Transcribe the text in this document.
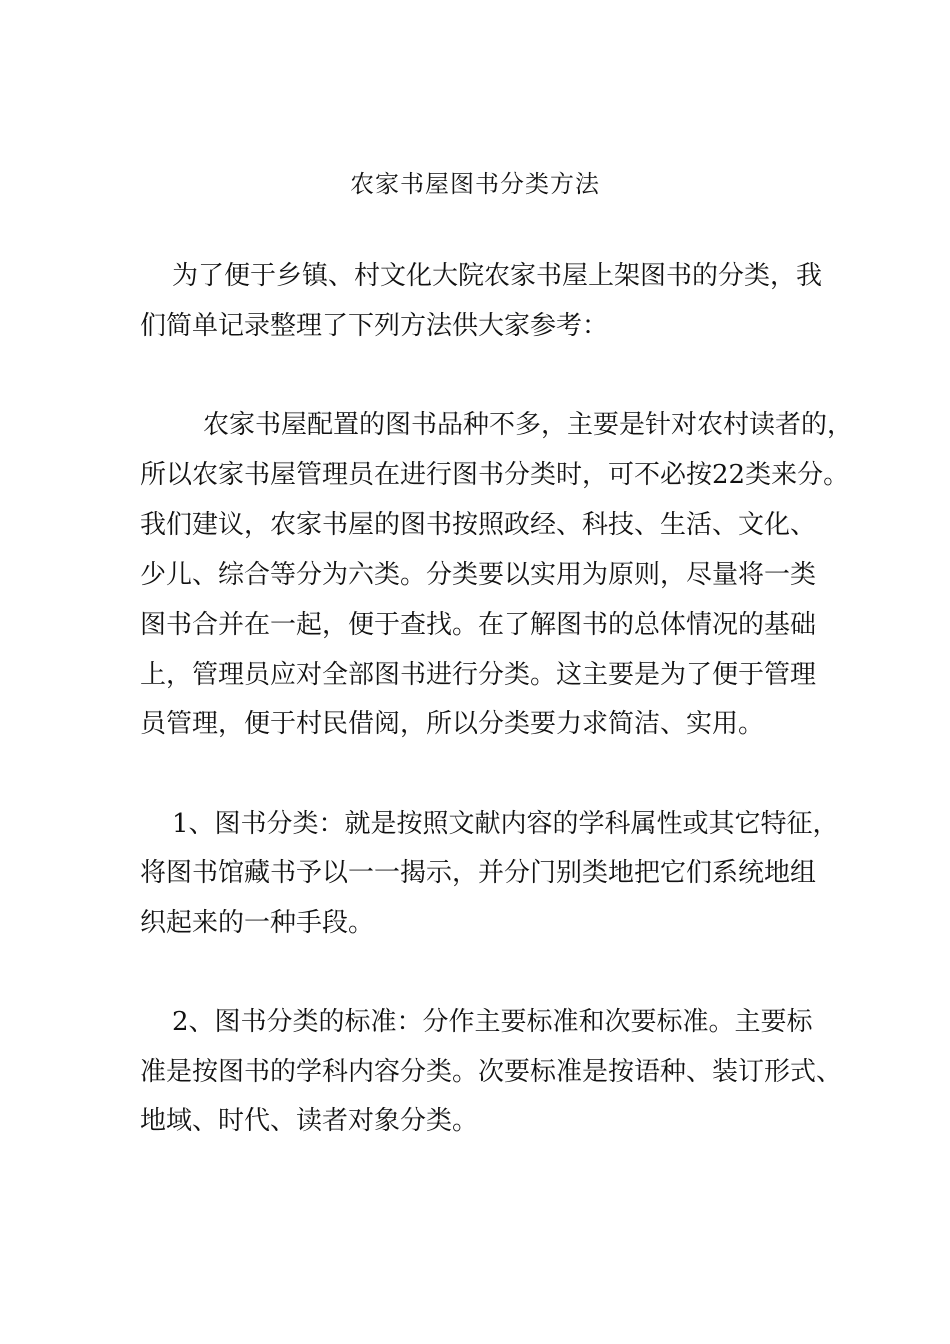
农家书屋图书分类方法
为了便于乡镇、村文化大院农家书屋上架图书的分类，我
们简单记录整理了下列方法供大家参考：
农家书屋配置的图书品种不多，主要是针对农村读者的，
所以农家书屋管理员在进行图书分类时，可不必按22类来分。
我们建议，农家书屋的图书按照政经、科技、生活、文化、
少儿、综合等分为六类。分类要以实用为原则，尽量将一类
图书合并在一起，便于查找。在了解图书的总体情况的基础
上，管理员应对全部图书进行分类。这主要是为了便于管理
员管理，便于村民借阅，所以分类要力求简洁、实用。
1、图书分类：就是按照文献内容的学科属性或其它特征，
将图书馆藏书予以一一揭示，并分门别类地把它们系统地组
织起来的一种手段。
2、图书分类的标准：分作主要标准和次要标准。主要标
准是按图书的学科内容分类。次要标准是按语种、装订形式、
地域、时代、读者对象分类。
